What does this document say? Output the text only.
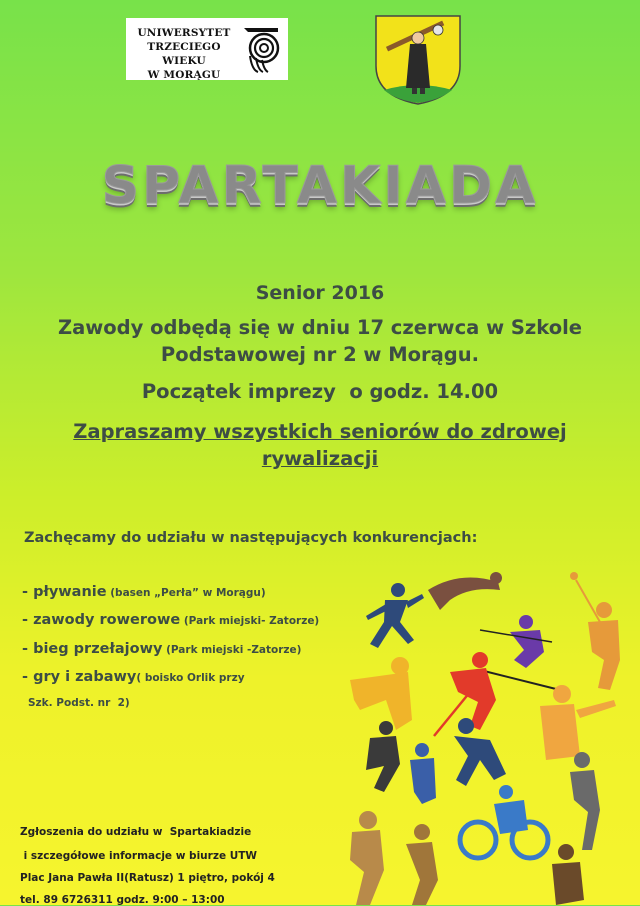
UNIWERSYTET
TRZECIEGO WIEKU
W MORĄGU
SPARTAKIADA
Senior 2016
Zawody odbędą się w dniu 17 czerwca w Szkole
Podstawowej nr 2 w Morągu.
Początek imprezy  o godz. 14.00
Zapraszamy wszystkich seniorów do zdrowej
rywalizacji
Zachęcamy do udziału w następujących konkurencjach:
- pływanie (basen „Perła” w Morągu)
- zawody rowerowe (Park miejski- Zatorze)
- bieg przełajowy (Park miejski -Zatorze)
- gry i zabawy( boisko Orlik przy
Szk. Podst. nr  2)
Zgłoszenia do udziału w  Spartakiadzie
i szczegółowe informacje w biurze UTW
Plac Jana Pawła II(Ratusz) 1 piętro, pokój 4
tel. 89 6726311 godz. 9:00 – 13:00
